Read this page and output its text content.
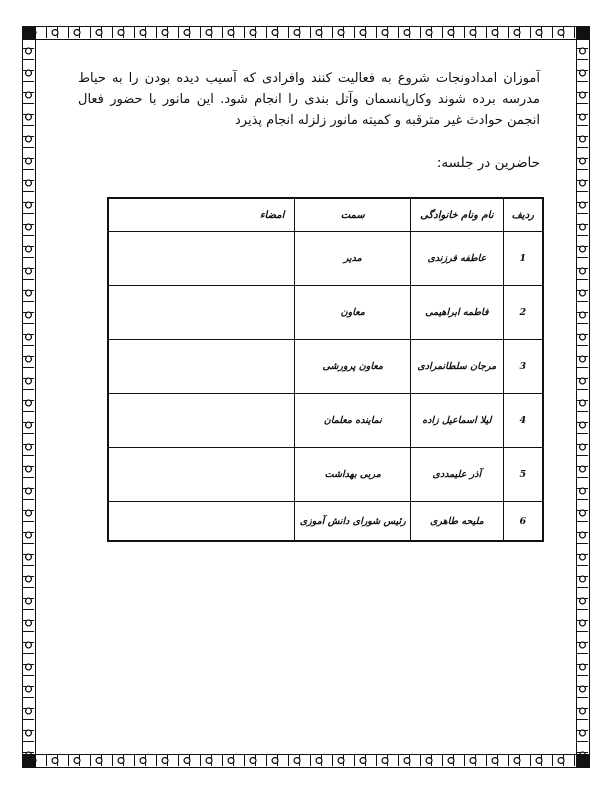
آموزان امدادونجات شروع به فعالیت کنند وافرادی که آسیب دیده بودن را به حیاط مدرسه برده شوند وکارپانسمان وآتل بندی را انجام شود. این مانور با حضور فعال انجمن حوادث غیر مترقبه و کمیته مانور زلزله انجام پذیرد

حاضرین در جلسه:

ردیف	نام ونام خانوادگی	سمت	امضاء
1	عاطفه فرزندی	مدیر	
2	فاطمه ابراهیمی	معاون	
3	مرجان سلطانمرادی	معاون پرورشی	
4	لیلا اسماعیل زاده	نماینده معلمان	
5	آذر علیمددی	مربی بهداشت	
6	ملیحه طاهری	رئیس شورای دانش آموزی	
